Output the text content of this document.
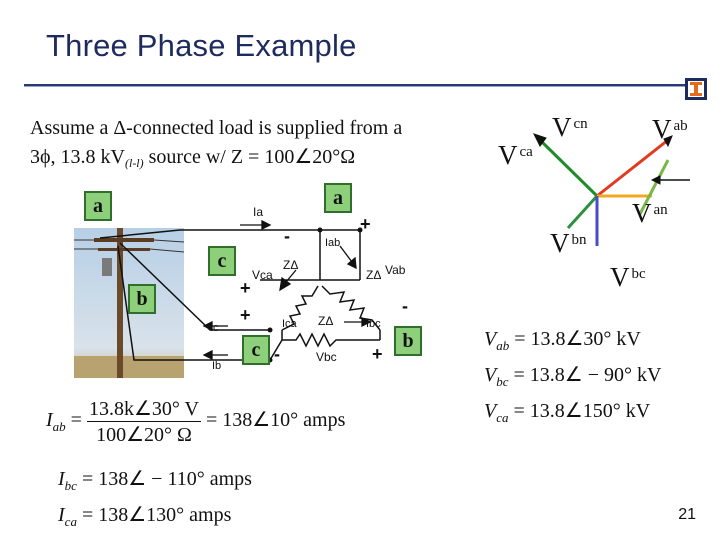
Three Phase Example
Assume a Δ-connected load is supplied from a
3ϕ, 13.8 $kV_{(l-l)}$ source w/ Z = 100∠20°Ω
Ia
Iab
Vca	Vab
ZΔ
ZΔ
ZΔ
Ica	Ibc
Vbc
Ic
Ib
+
-
+
-
+
+
-
a	a
c
b
c	b
V $_{cn}$ V $_{ab}$
V $_{ca}$
V $_{an}$
V $_{bn}$
V $_{bc}$
$V_{ab}$ = 13.8∠30° kV
$V_{bc}$ = 13.8∠ − 90° kV
$V_{ca}$ = 13.8∠150° kV
$I_{ab} = \frac{13.8k\angle 30^\circ V}{100\angle 20^\circ \Omega}$ = 138∠10° amps
$I_{bc}$ = 138∠ − 110° amps
$I_{ca}$ = 138∠130° amps	21
